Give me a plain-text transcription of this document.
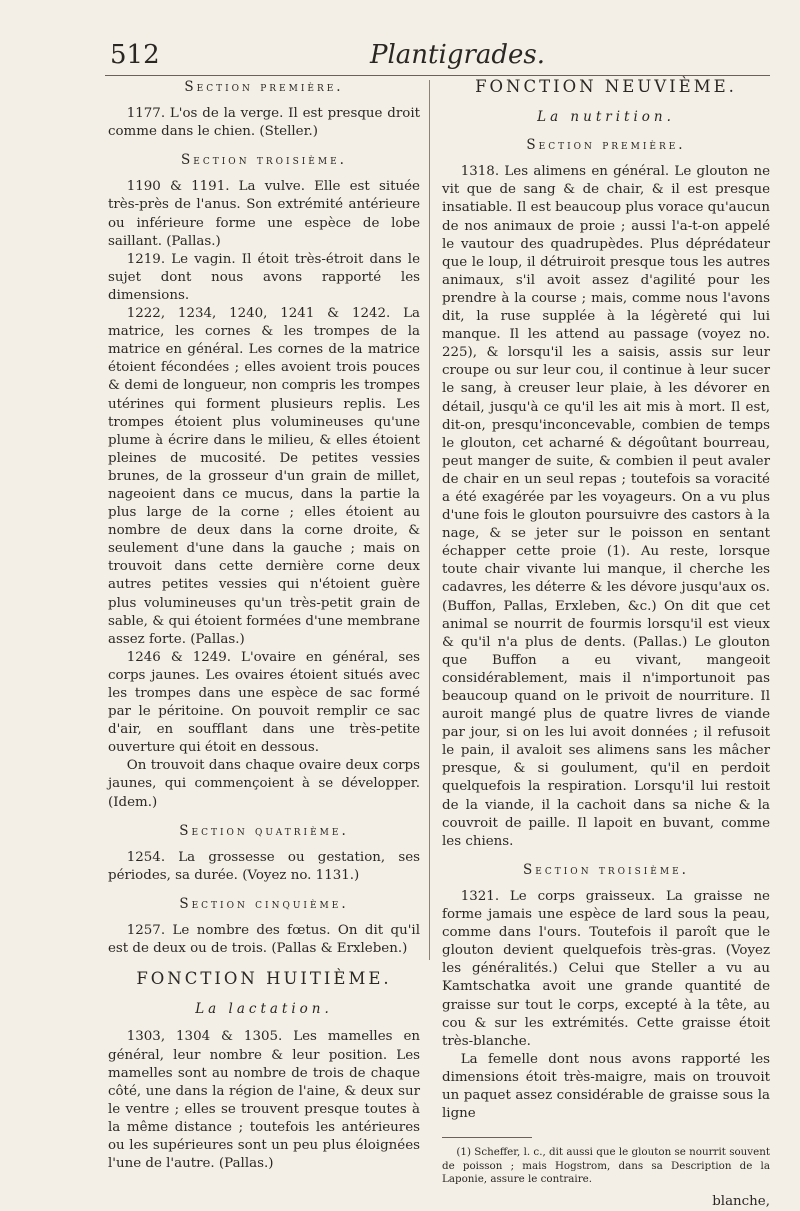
512	Plantigrades.

Section première.

1177. L'os de la verge. Il est presque droit comme dans le chien. (Steller.)

Section troisième.

1190 & 1191. La vulve. Elle est située très-près de l'anus. Son extrémité antérieure ou inférieure forme une espèce de lobe saillant. (Pallas.)

1219. Le vagin. Il étoit très-étroit dans le sujet dont nous avons rapporté les dimensions.

1222, 1234, 1240, 1241 & 1242. La matrice, les cornes & les trompes de la matrice en général. Les cornes de la matrice étoient fécondées ; elles avoient trois pouces & demi de longueur, non compris les trompes utérines qui forment plusieurs replis. Les trompes étoient plus volumineuses qu'une plume à écrire dans le milieu, & elles étoient pleines de mucosité. De petites vessies brunes, de la grosseur d'un grain de millet, nageoient dans ce mucus, dans la partie la plus large de la corne ; elles étoient au nombre de deux dans la corne droite, & seulement d'une dans la gauche ; mais on trouvoit dans cette dernière corne deux autres petites vessies qui n'étoient guère plus volumineuses qu'un très-petit grain de sable, & qui étoient formées d'une membrane assez forte. (Pallas.)

1246 & 1249. L'ovaire en général, ses corps jaunes. Les ovaires étoient situés avec les trompes dans une espèce de sac formé par le péritoine. On pouvoit remplir ce sac d'air, en soufflant dans une très-petite ouverture qui étoit en dessous.

On trouvoit dans chaque ovaire deux corps jaunes, qui commençoient à se développer. (Idem.)

Section quatrième.

1254. La grossesse ou gestation, ses périodes, sa durée. (Voyez no. 1131.)

Section cinquième.

1257. Le nombre des fœtus. On dit qu'il est de deux ou de trois. (Pallas & Erxleben.)

FONCTION HUITIÈME.

La lactation.

1303, 1304 & 1305. Les mamelles en général, leur nombre & leur position. Les mamelles sont au nombre de trois de chaque côté, une dans la région de l'aine, & deux sur le ventre ; elles se trouvent presque toutes à la même distance ; toutefois les antérieures ou les supérieures sont un peu plus éloignées l'une de l'autre. (Pallas.)

FONCTION NEUVIÈME.

La nutrition.

Section première.

1318. Les alimens en général. Le glouton ne vit que de sang & de chair, & il est presque insatiable. Il est beaucoup plus vorace qu'aucun de nos animaux de proie ; aussi l'a-t-on appelé le vautour des quadrupèdes. Plus déprédateur que le loup, il détruiroit presque tous les autres animaux, s'il avoit assez d'agilité pour les prendre à la course ; mais, comme nous l'avons dit, la ruse supplée à la légèreté qui lui manque. Il les attend au passage (voyez no. 225), & lorsqu'il les a saisis, assis sur leur croupe ou sur leur cou, il continue à leur sucer le sang, à creuser leur plaie, à les dévorer en détail, jusqu'à ce qu'il les ait mis à mort. Il est, dit-on, presqu'inconcevable, combien de temps le glouton, cet acharné & dégoûtant bourreau, peut manger de suite, & combien il peut avaler de chair en un seul repas ; toutefois sa voracité a été exagérée par les voyageurs. On a vu plus d'une fois le glouton poursuivre des castors à la nage, & se jeter sur le poisson en sentant échapper cette proie (1). Au reste, lorsque toute chair vivante lui manque, il cherche les cadavres, les déterre & les dévore jusqu'aux os. (Buffon, Pallas, Erxleben, &c.) On dit que cet animal se nourrit de fourmis lorsqu'il est vieux & qu'il n'a plus de dents. (Pallas.) Le glouton que Buffon a eu vivant, mangeoit considérablement, mais il n'importunoit pas beaucoup quand on le privoit de nourriture. Il auroit mangé plus de quatre livres de viande par jour, si on les lui avoit données ; il refusoit le pain, il avaloit ses alimens sans les mâcher presque, & si goulument, qu'il en perdoit quelquefois la respiration. Lorsqu'il lui restoit de la viande, il la cachoit dans sa niche & la couvroit de paille. Il lapoit en buvant, comme les chiens.

Section troisième.

1321. Le corps graisseux. La graisse ne forme jamais une espèce de lard sous la peau, comme dans l'ours. Toutefois il paroît que le glouton devient quelquefois très-gras. (Voyez les généralités.) Celui que Steller a vu au Kamtschatka avoit une grande quantité de graisse sur tout le corps, excepté à la tête, au cou & sur les extrémités. Cette graisse étoit très-blanche.

La femelle dont nous avons rapporté les dimensions étoit très-maigre, mais on trouvoit un paquet assez considérable de graisse sous la ligne

(1) Scheffer, l. c., dit aussi que le glouton se nourrit souvent de poisson ; mais Hogstrom, dans sa Description de la Laponie, assure le contraire.

blanche,
